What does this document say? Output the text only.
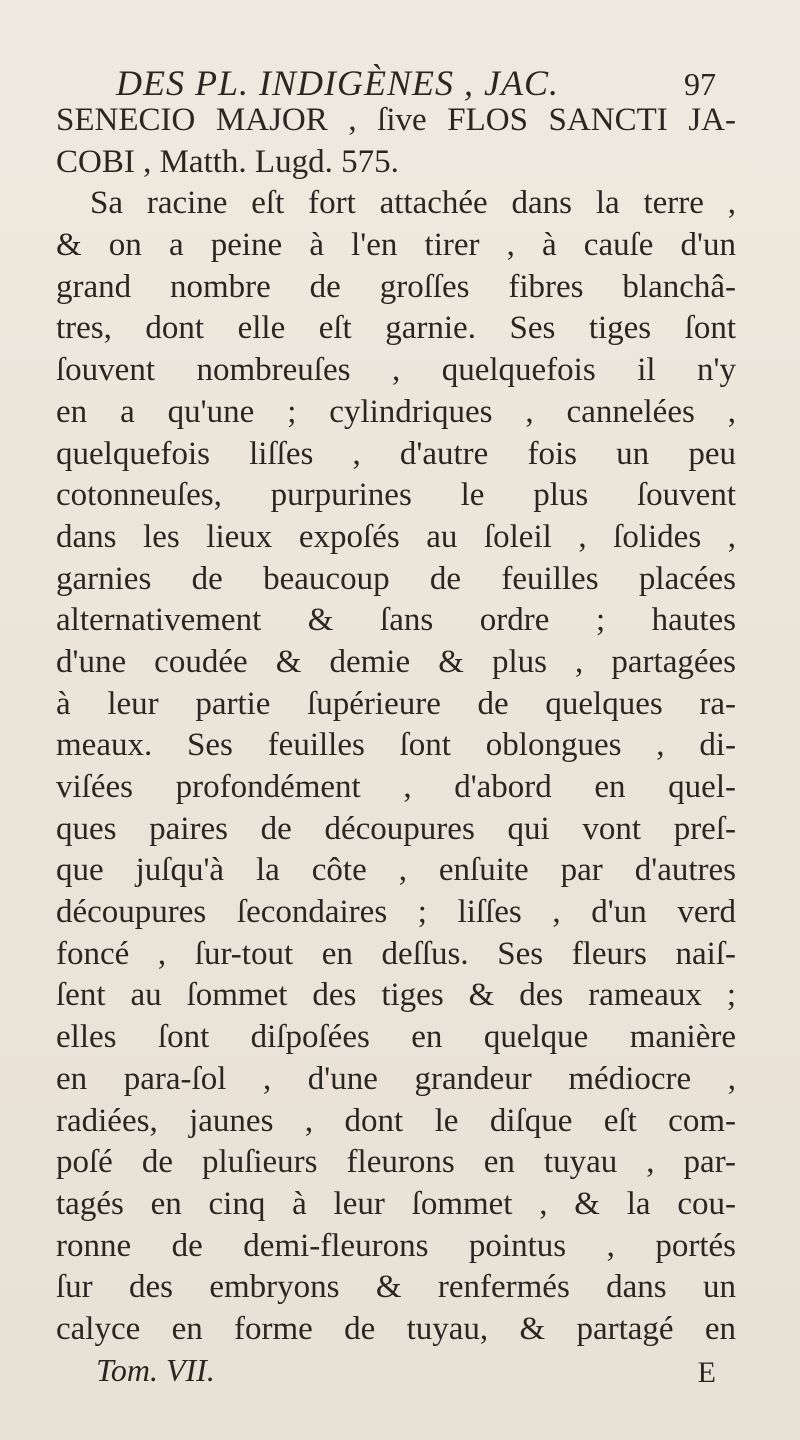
DES PL. INDIGÈNES , JAC.	97
SENECIO MAJOR , ſive FLOS SANCTI JA-
COBI , Matth. Lugd. 575.
Sa racine eſt fort attachée dans la terre ,
& on a peine à l'en tirer , à cauſe d'un
grand nombre de groſſes fibres blanchâ-
tres, dont elle eſt garnie. Ses tiges ſont
ſouvent nombreuſes , quelquefois il n'y
en a qu'une ; cylindriques , cannelées ,
quelquefois liſſes , d'autre fois un peu
cotonneuſes, purpurines le plus ſouvent
dans les lieux expoſés au ſoleil , ſolides ,
garnies de beaucoup de feuilles placées
alternativement & ſans ordre ; hautes
d'une coudée & demie & plus , partagées
à leur partie ſupérieure de quelques ra-
meaux. Ses feuilles ſont oblongues , di-
viſées profondément , d'abord en quel-
ques paires de découpures qui vont preſ-
que juſqu'à la côte , enſuite par d'autres
découpures ſecondaires ; liſſes , d'un verd
foncé , ſur-tout en deſſus. Ses fleurs naiſ-
ſent au ſommet des tiges & des rameaux ;
elles ſont diſpoſées en quelque manière
en para-ſol , d'une grandeur médiocre ,
radiées, jaunes , dont le diſque eſt com-
poſé de pluſieurs fleurons en tuyau , par-
tagés en cinq à leur ſommet , & la cou-
ronne de demi-fleurons pointus , portés
ſur des embryons & renfermés dans un
calyce en forme de tuyau, & partagé en
Tom. VII.	E
